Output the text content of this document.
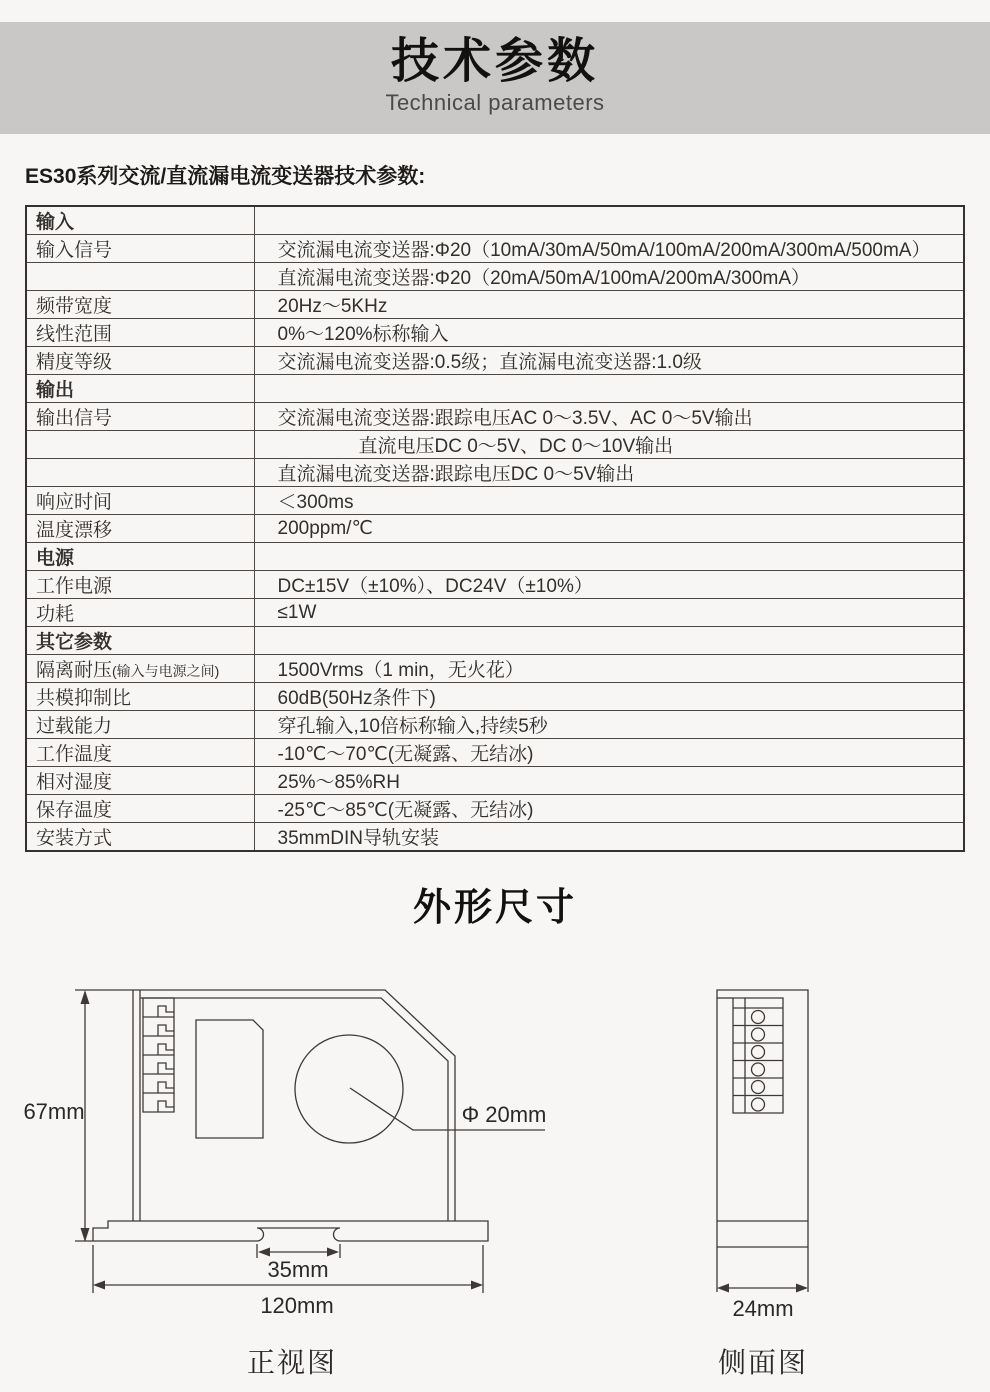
技术参数
Technical parameters
ES30系列交流/直流漏电流变送器技术参数:
输入	
输入信号	交流漏电流变送器:Φ20（10mA/30mA/50mA/100mA/200mA/300mA/500mA）
	直流漏电流变送器:Φ20（20mA/50mA/100mA/200mA/300mA）
频带宽度	20Hz～5KHz
线性范围	0%～120%标称输入
精度等级	交流漏电流变送器:0.5级；直流漏电流变送器:1.0级
输出	
输出信号	交流漏电流变送器:跟踪电压AC 0～3.5V、AC 0～5V输出
	直流电压DC 0～5V、DC 0～10V输出
	直流漏电流变送器:跟踪电压DC 0～5V输出
响应时间	＜300ms
温度漂移	200ppm/℃
电源	
工作电源	DC±15V（±10%）、DC24V（±10%）
功耗	≤1W
其它参数	
隔离耐压(输入与电源之间)	1500Vrms（1 min，无火花）
共模抑制比	60dB(50Hz条件下)
过载能力	穿孔输入,10倍标称输入,持续5秒
工作温度	-10℃～70℃(无凝露、无结冰)
相对湿度	25%～85%RH
保存温度	-25℃～85℃(无凝露、无结冰)
安装方式	35mmDIN导轨安装
外形尺寸
67mm	Φ 20mm
35mm
120mm
正视图
24mm
侧面图
